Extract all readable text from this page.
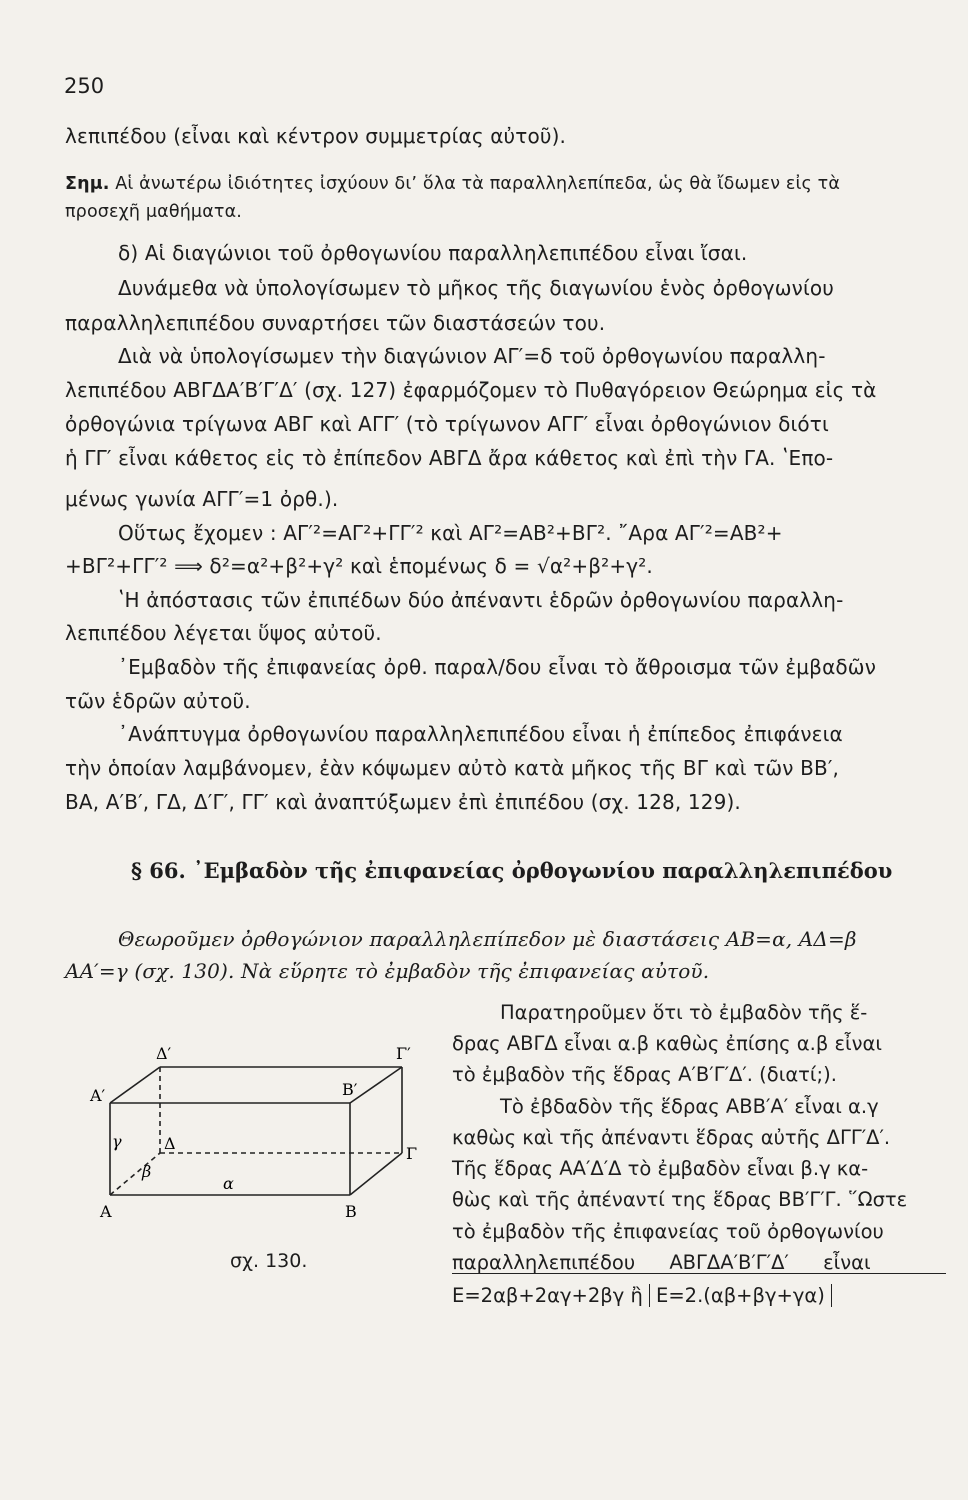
250
λεπιπέδου (εἶναι καὶ κέντρον συμμετρίας αὐτοῦ).
Σημ. Αἱ ἀνωτέρω ἰδιότητες ἰσχύουν δι’ ὅλα τὰ παραλληλεπίπεδα, ὡς θὰ ἴδωμεν εἰς τὰ
προσεχῆ μαθήματα.
δ) Αἱ διαγώνιοι τοῦ ὀρθογωνίου παραλληλεπιπέδου εἶναι ἴσαι.
Δυνάμεθα νὰ ὑπολογίσωμεν τὸ μῆκος τῆς διαγωνίου ἑνὸς ὀρθογωνίου
παραλληλεπιπέδου συναρτήσει τῶν διαστάσεών του.
Διὰ νὰ ὑπολογίσωμεν τὴν διαγώνιον ΑΓ′=δ τοῦ ὀρθογωνίου παραλλη-
λεπιπέδου ΑΒΓΔΑ′Β′Γ′Δ′ (σχ. 127) ἐφαρμόζομεν τὸ Πυθαγόρειον Θεώρημα εἰς τὰ
ὀρθογώνια τρίγωνα ΑΒΓ καὶ ΑΓΓ′ (τὸ τρίγωνον ΑΓΓ′ εἶναι ὀρθογώνιον διότι
ἡ ΓΓ′ εἶναι κάθετος εἰς τὸ ἐπίπεδον ΑΒΓΔ ἄρα κάθετος καὶ ἐπὶ τὴν ΓΑ. ʽΕπο-
μένως γωνία ΑΓΓ′=1 ὀρθ.).
Οὕτως ἔχομεν : ΑΓ′²=ΑΓ²+ΓΓ′² καὶ ΑΓ²=ΑΒ²+ΒΓ². ῎Αρα ΑΓ′²=ΑΒ²+
+ΒΓ²+ΓΓ′² ⟹ δ²=α²+β²+γ² καὶ ἑπομένως δ = √α²+β²+γ².
ʽΗ ἀπόστασις τῶν ἐπιπέδων δύο ἀπέναντι ἑδρῶν ὀρθογωνίου παραλλη-
λεπιπέδου λέγεται ὕψος αὐτοῦ.
᾿Εμβαδὸν τῆς ἐπιφανείας ὀρθ. παραλ/δου εἶναι τὸ ἄθροισμα τῶν ἐμβαδῶν
τῶν ἑδρῶν αὐτοῦ.
᾿Ανάπτυγμα ὀρθογωνίου παραλληλεπιπέδου εἶναι ἡ ἐπίπεδος ἐπιφάνεια
τὴν ὁποίαν λαμβάνομεν, ἐὰν κόψωμεν αὐτὸ κατὰ μῆκος τῆς ΒΓ καὶ τῶν ΒΒ′,
ΒΑ, Α′Β′, ΓΔ, Δ′Γ′, ΓΓ′ καὶ ἀναπτύξωμεν ἐπὶ ἐπιπέδου (σχ. 128, 129).
§ 66. ᾿Εμβαδὸν τῆς ἐπιφανείας ὀρθογωνίου παραλληλεπιπέδου
Θεωροῦμεν ὀρθογώνιον παραλληλεπίπεδον μὲ διαστάσεις ΑΒ=α, ΑΔ=β
ΑΑ′=γ (σχ. 130). Νὰ εὕρητε τὸ ἐμβαδὸν τῆς ἐπιφανείας αὐτοῦ.
Παρατηροῦμεν ὅτι τὸ ἐμβαδὸν τῆς ἕ-
δρας ΑΒΓΔ εἶναι α.β καθὼς ἐπίσης α.β εἶναι
τὸ ἐμβαδὸν τῆς ἕδρας Α′Β′Γ′Δ′. (διατί;).
Τὸ ἐβδαδὸν τῆς ἕδρας ΑΒΒ′Α′ εἶναι α.γ
καθὼς καὶ τῆς ἀπέναντι ἕδρας αὐτῆς ΔΓΓ′Δ′.
Τῆς ἕδρας ΑΑ′Δ′Δ τὸ ἐμβαδὸν εἶναι β.γ κα-
θὼς καὶ τῆς ἀπέναντί της ἕδρας ΒΒ′Γ′Γ. ῞Ωστε
τὸ ἐμβαδὸν τῆς ἐπιφανείας τοῦ ὀρθογωνίου
παραλληλεπιπέδου ΑΒΓΔΑ′Β′Γ′Δ′ εἶναι
Ε=2αβ+2αγ+2βγ ἢ Ε=2.(αβ+βγ+γα)
Δ′	Γ′
Α′	Β′
Δ
Γ
Α	Β
γ
β
α
σχ. 130.
